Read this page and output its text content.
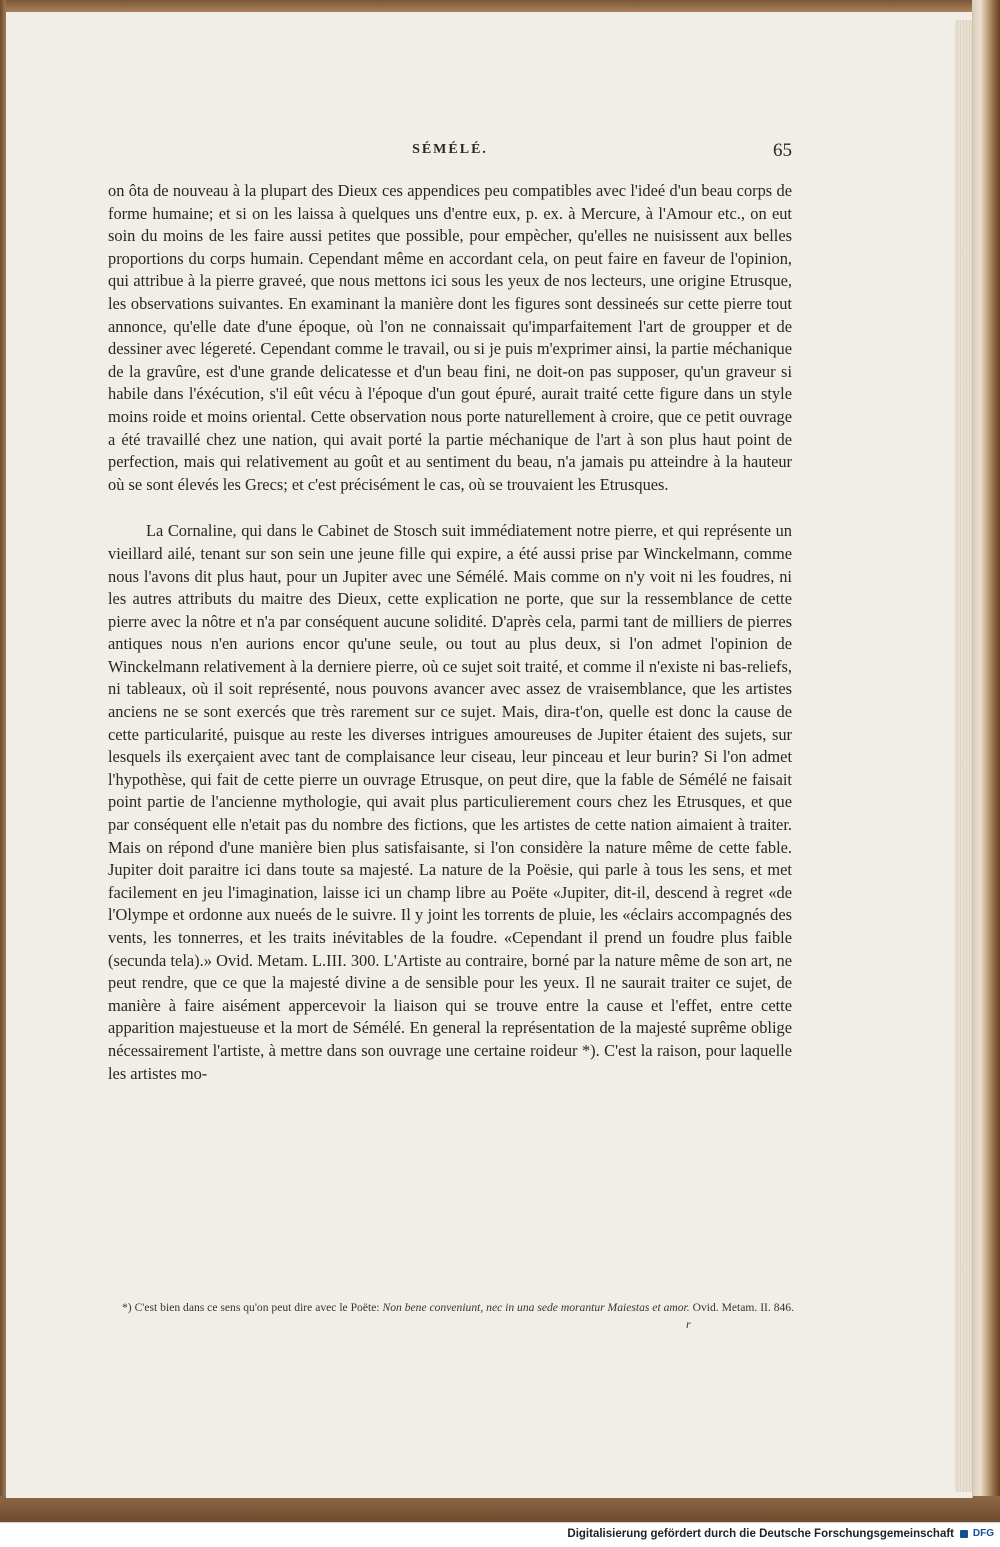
SÉMÉLÉ.	65

on ôta de nouveau à la plupart des Dieux ces appendices peu compatibles avec l'ideé d'un beau corps de forme humaine; et si on les laissa à quelques uns d'entre eux, p. ex. à Mercure, à l'Amour etc., on eut soin du moins de les faire aussi petites que possible, pour empècher, qu'elles ne nuisissent aux belles proportions du corps humain. Cependant même en accordant cela, on peut faire en faveur de l'opinion, qui attribue à la pierre graveé, que nous mettons ici sous les yeux de nos lecteurs, une origine Etrusque, les observations suivantes. En examinant la manière dont les figures sont dessineés sur cette pierre tout annonce, qu'elle date d'une époque, où l'on ne connaissait qu'imparfaitement l'art de groupper et de dessiner avec légereté. Cependant comme le travail, ou si je puis m'exprimer ainsi, la partie méchanique de la gravûre, est d'une grande delicatesse et d'un beau fini, ne doit-on pas supposer, qu'un graveur si habile dans l'éxécution, s'il eût vécu à l'époque d'un gout épuré, aurait traité cette figure dans un style moins roide et moins oriental. Cette observation nous porte naturellement à croire, que ce petit ouvrage a été travaillé chez une nation, qui avait porté la partie méchanique de l'art à son plus haut point de perfection, mais qui relativement au goût et au sentiment du beau, n'a jamais pu atteindre à la hauteur où se sont élevés les Grecs; et c'est précisément le cas, où se trouvaient les Etrusques.

La Cornaline, qui dans le Cabinet de Stosch suit immédiatement notre pierre, et qui représente un vieillard ailé, tenant sur son sein une jeune fille qui expire, a été aussi prise par Winckelmann, comme nous l'avons dit plus haut, pour un Jupiter avec une Sémélé. Mais comme on n'y voit ni les foudres, ni les autres attributs du maitre des Dieux, cette explication ne porte, que sur la ressemblance de cette pierre avec la nôtre et n'a par conséquent aucune solidité. D'après cela, parmi tant de milliers de pierres antiques nous n'en aurions encor qu'une seule, ou tout au plus deux, si l'on admet l'opinion de Winckelmann relativement à la derniere pierre, où ce sujet soit traité, et comme il n'existe ni bas-reliefs, ni tableaux, où il soit représenté, nous pouvons avancer avec assez de vraisemblance, que les artistes anciens ne se sont exercés que très rarement sur ce sujet. Mais, dira-t'on, quelle est donc la cause de cette particularité, puisque au reste les diverses intrigues amoureuses de Jupiter étaient des sujets, sur lesquels ils exerçaient avec tant de complaisance leur ciseau, leur pinceau et leur burin? Si l'on admet l'hypothèse, qui fait de cette pierre un ouvrage Etrusque, on peut dire, que la fable de Sémélé ne faisait point partie de l'ancienne mythologie, qui avait plus particulierement cours chez les Etrusques, et que par conséquent elle n'etait pas du nombre des fictions, que les artistes de cette nation aimaient à traiter. Mais on répond d'une manière bien plus satisfaisante, si l'on considère la nature même de cette fable. Jupiter doit paraitre ici dans toute sa majesté. La nature de la Poësie, qui parle à tous les sens, et met facilement en jeu l'imagination, laisse ici un champ libre au Poëte «Jupiter, dit-il, descend à regret «de l'Olympe et ordonne aux nueés de le suivre. Il y joint les torrents de pluie, les «éclairs accompagnés des vents, les tonnerres, et les traits inévitables de la foudre. «Cependant il prend un foudre plus faible (secunda tela).» Ovid. Metam. L.III. 300. L'Artiste au contraire, borné par la nature même de son art, ne peut rendre, que ce que la majesté divine a de sensible pour les yeux. Il ne saurait traiter ce sujet, de manière à faire aisément appercevoir la liaison qui se trouve entre la cause et l'effet, entre cette apparition majestueuse et la mort de Sémélé. En general la représentation de la majesté suprême oblige nécessairement l'artiste, à mettre dans son ouvrage une certaine roideur *). C'est la raison, pour laquelle les artistes mo-

*) C'est bien dans ce sens qu'on peut dire avec le Poëte: Non bene conveniunt, nec in una sede morantur Maiestas et amor. Ovid. Metam. II. 846.
r
Digitalisierung gefördert durch die Deutsche Forschungsgemeinschaft	DFG
